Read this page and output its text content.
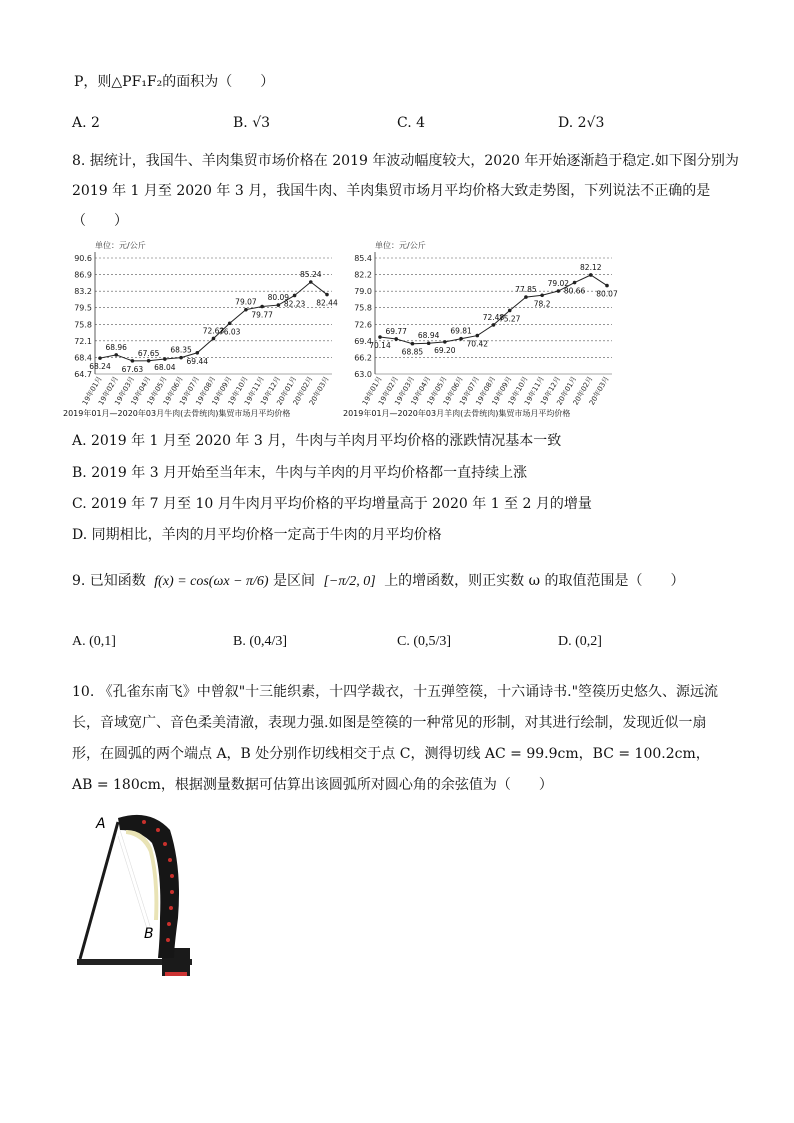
P，则△PF₁F₂的面积为（　　）
A. 2	B. √3	C. 4	D. 2√3
8. 据统计，我国牛、羊肉集贸市场价格在 2019 年波动幅度较大，2020 年开始逐渐趋于稳定.如下图分别为
2019 年 1 月至 2020 年 3 月，我国牛肉、羊肉集贸市场月平均价格大致走势图，下列说法不正确的是
（　　）
单位：元/公斤
64.7
68.4
72.1
75.8
79.5
83.2
86.9
90.6
68.24
19年01月
68.96
19年02月
67.63
19年03月
67.65
19年04月
68.04
19年05月
68.35
19年06月
69.44
19年07月
72.63
19年08月
76.03
19年09月
79.07
19年10月
79.77
19年11月
80.09
19年12月
82.23
20年01月
85.24
20年02月
82.44
20年03月
2019年01月—2020年03月牛肉(去骨统肉)集贸市场月平均价格
单位：元/公斤
63.0
66.2
69.4
72.6
75.8
79.0
82.2
85.4
70.14
19年01月
69.77
19年02月
68.85
19年03月
68.94
19年04月
69.20
19年05月
69.81
19年06月
70.42
19年07月
72.48
19年08月
75.27
19年09月
77.85
19年10月
78.2
19年11月
79.02
19年12月
80.66
20年01月
82.12
20年02月
80.07
20年03月
2019年01月—2020年03月羊肉(去骨统肉)集贸市场月平均价格
A. 2019 年 1 月至 2020 年 3 月，牛肉与羊肉月平均价格的涨跌情况基本一致
B. 2019 年 3 月开始至当年末，牛肉与羊肉的月平均价格都一直持续上涨
C. 2019 年 7 月至 10 月牛肉月平均价格的平均增量高于 2020 年 1 至 2 月的增量
D. 同期相比，羊肉的月平均价格一定高于牛肉的月平均价格
9. 已知函数 f(x) = cos(ωx − π/6) 是区间 [−π/2, 0] 上的增函数，则正实数 ω 的取值范围是（　　）
A. (0,1]	B. (0,4/3]	C. (0,5/3]	D. (0,2]
10. 《孔雀东南飞》中曾叙"十三能织素，十四学裁衣，十五弹箜篌，十六诵诗书."箜篌历史悠久、源远流
长，音域宽广、音色柔美清澈，表现力强.如图是箜篌的一种常见的形制，对其进行绘制，发现近似一扇
形，在圆弧的两个端点 A，B 处分别作切线相交于点 C，测得切线 AC = 99.9cm，BC = 100.2cm，
AB = 180cm，根据测量数据可估算出该圆弧所对圆心角的余弦值为（　　）
A
B
